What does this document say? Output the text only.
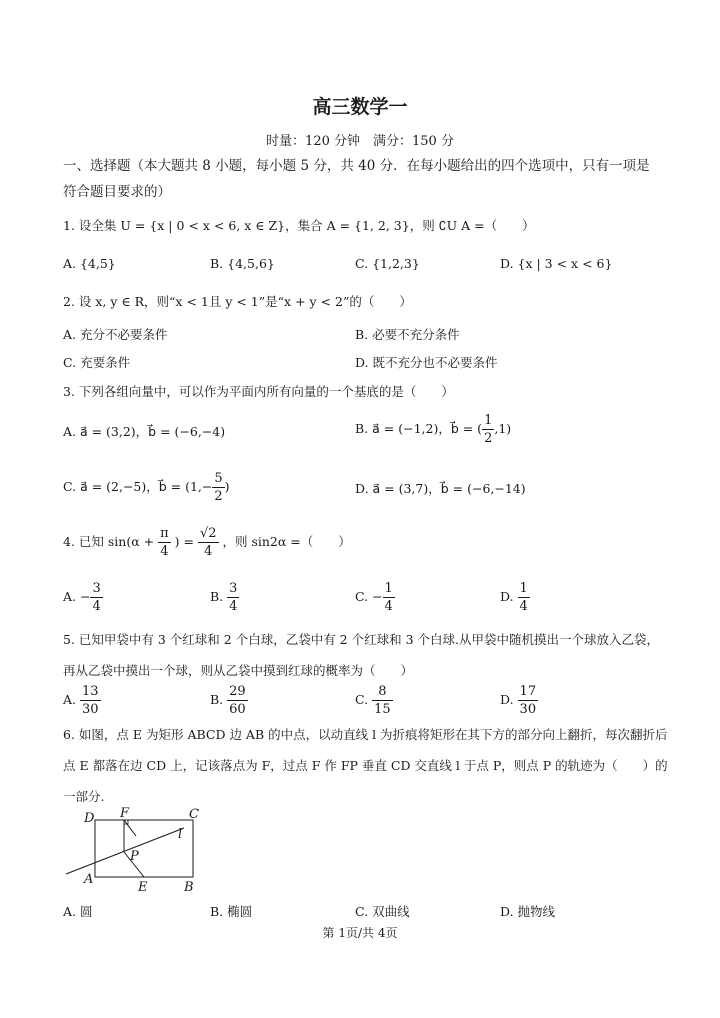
高三数学一
时量：120 分钟　满分：150 分
一、选择题（本大题共 8 小题，每小题 5 分，共 40 分．在每小题给出的四个选项中，只有一项是符合题目要求的）
1. 设全集 U = {x | 0 < x < 6, x ∈ Z}，集合 A = {1, 2, 3}，则 ∁U A =（　　）
A. {4,5}	B. {4,5,6}	C. {1,2,3}	D. {x | 3 < x < 6}
2. 设 x, y ∈ R，则“x < 1且 y < 1”是“x + y < 2”的（　　）
A. 充分不必要条件	B. 必要不充分条件
C. 充要条件	D. 既不充分也不必要条件
3. 下列各组向量中，可以作为平面内所有向量的一个基底的是（　　）
A. a⃗ = (3,2)，b⃗ = (−6,−4)	B. a⃗ = (−1,2)，b⃗ = ( $\frac{1}{2} ,1$)
C. a⃗ = (2,−5)，b⃗ = ($1,- \frac{5}{2}$ )	D. a⃗ = (3,7)，b⃗ = (−6,−14)
4. 已知 $\sin(\alpha + \frac{\pi}{4}$ ) = $\frac{√2}{4}$ ，则 sin2α =（　　）
A. − $\frac{3}{4}$	B. $\frac{3}{4}$	C. − $\frac{1}{4}$	D. $\frac{1}{4}$
5. 已知甲袋中有 3 个红球和 2 个白球，乙袋中有 2 个红球和 3 个白球.从甲袋中随机摸出一个球放入乙袋，再从乙袋中摸出一个球，则从乙袋中摸到红球的概率为（　　）
A. $\frac{13}{30}$	B. $\frac{29}{60}$	C. $\frac{8}{15}$	D. $\frac{17}{30}$
6. 如图，点 E 为矩形 ABCD 边 AB 的中点，以动直线 l 为折痕将矩形在其下方的部分向上翻折，每次翻折后点 E 都落在边 CD 上，记该落点为 F，过点 F 作 FP 垂直 CD 交直线 l 于点 P，则点 P 的轨迹为（　　）的一部分.
D F	C
l
P
A
E	B
A. 圆	B. 椭圆	C. 双曲线	D. 抛物线
第 1页/共 4页
